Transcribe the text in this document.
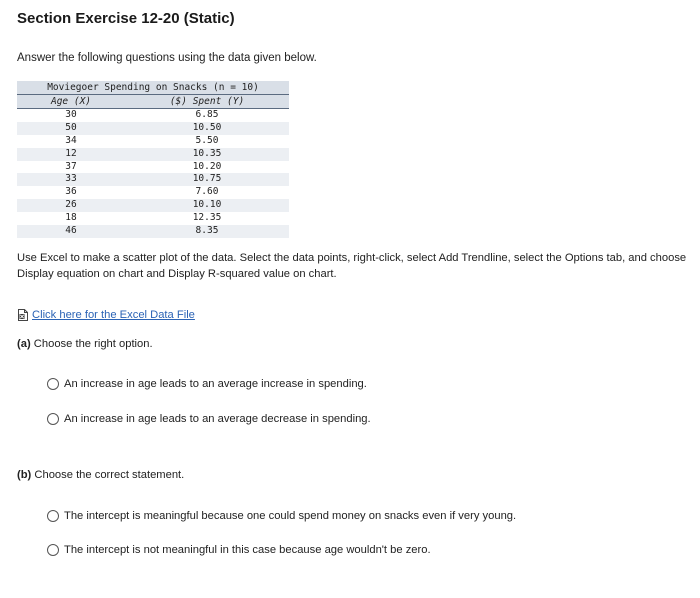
Section Exercise 12-20 (Static)
Answer the following questions using the data given below.
Moviegoer Spending on Snacks (n = 10)
Age (X)	($) Spent (Y)
30	6.85
50	10.50
34	5.50
12	10.35
37	10.20
33	10.75
36	7.60
26	10.10
18	12.35
46	8.35
Use Excel to make a scatter plot of the data. Select the data points, right-click, select Add Trendline, select the Options tab, and choose Display equation on chart and Display R-squared value on chart.
Click here for the Excel Data File
(a) Choose the right option.
An increase in age leads to an average increase in spending.
An increase in age leads to an average decrease in spending.
(b) Choose the correct statement.
The intercept is meaningful because one could spend money on snacks even if very young.
The intercept is not meaningful in this case because age wouldn't be zero.
